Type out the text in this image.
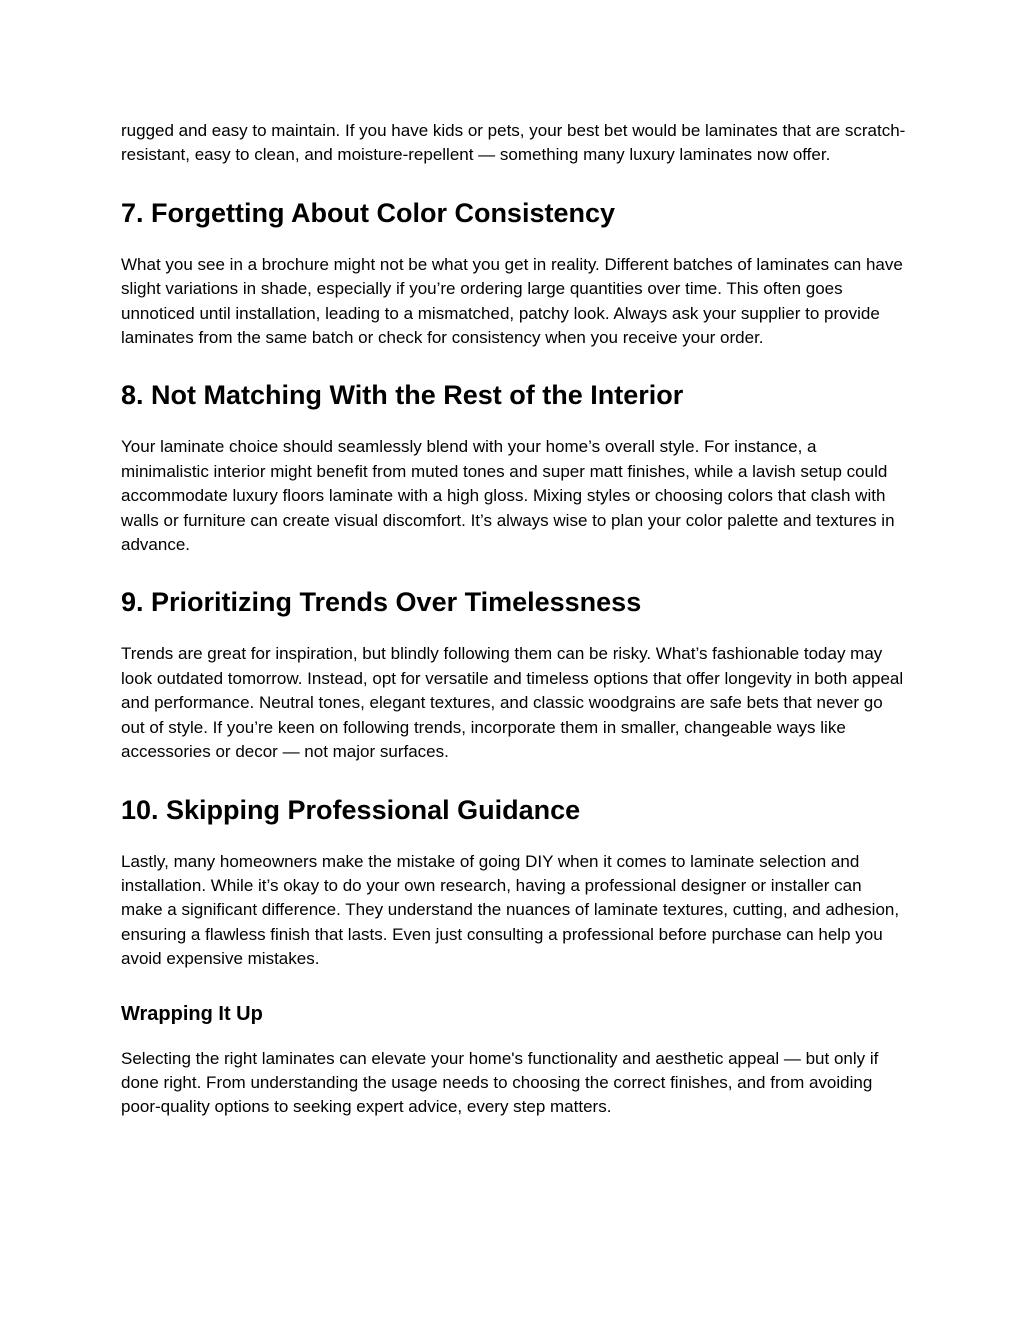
rugged and easy to maintain. If you have kids or pets, your best bet would be laminates that are scratch-resistant, easy to clean, and moisture-repellent — something many luxury laminates now offer.

7. Forgetting About Color Consistency

What you see in a brochure might not be what you get in reality. Different batches of laminates can have slight variations in shade, especially if you’re ordering large quantities over time. This often goes unnoticed until installation, leading to a mismatched, patchy look. Always ask your supplier to provide laminates from the same batch or check for consistency when you receive your order.

8. Not Matching With the Rest of the Interior

Your laminate choice should seamlessly blend with your home’s overall style. For instance, a minimalistic interior might benefit from muted tones and super matt finishes, while a lavish setup could accommodate luxury floors laminate with a high gloss. Mixing styles or choosing colors that clash with walls or furniture can create visual discomfort. It’s always wise to plan your color palette and textures in advance.

9. Prioritizing Trends Over Timelessness

Trends are great for inspiration, but blindly following them can be risky. What’s fashionable today may look outdated tomorrow. Instead, opt for versatile and timeless options that offer longevity in both appeal and performance. Neutral tones, elegant textures, and classic woodgrains are safe bets that never go out of style. If you’re keen on following trends, incorporate them in smaller, changeable ways like accessories or decor — not major surfaces.

10. Skipping Professional Guidance

Lastly, many homeowners make the mistake of going DIY when it comes to laminate selection and installation. While it’s okay to do your own research, having a professional designer or installer can make a significant difference. They understand the nuances of laminate textures, cutting, and adhesion, ensuring a flawless finish that lasts. Even just consulting a professional before purchase can help you avoid expensive mistakes.

Wrapping It Up

Selecting the right laminates can elevate your home's functionality and aesthetic appeal — but only if done right. From understanding the usage needs to choosing the correct finishes, and from avoiding poor-quality options to seeking expert advice, every step matters.
